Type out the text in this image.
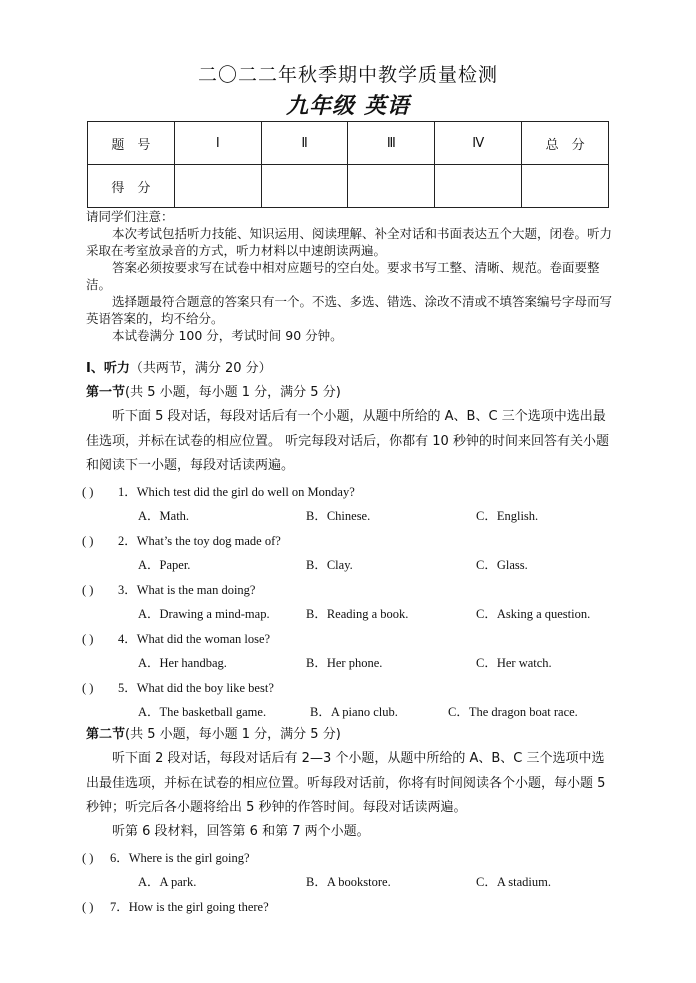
二〇二二年秋季期中教学质量检测
九年级 英语
题　号	Ⅰ	Ⅱ	Ⅲ	Ⅳ	总　分
得　分					

请同学们注意：

本次考试包括听力技能、知识运用、阅读理解、补全对话和书面表达五个大题，闭卷。听力采取在考室放录音的方式，听力材料以中速朗读两遍。

答案必须按要求写在试卷中相对应题号的空白处。要求书写工整、清晰、规范。卷面要整洁。

选择题最符合题意的答案只有一个。不选、多选、错选、涂改不清或不填答案编号字母而写英语答案的，均不给分。

本试卷满分 100 分，考试时间 90 分钟。

Ⅰ、听力（共两节，满分 20 分）
第一节(共 5 小题，每小题 1 分，满分 5 分)
听下面 5 段对话，每段对话后有一个小题，从题中所给的 A、B、C 三个选项中选出最佳选项，并标在试卷的相应位置。 听完每段对话后，你都有 10 秒钟的时间来回答有关小题和阅读下一小题，每段对话读两遍。
( ) 1．Which test did the girl do well on Monday?
A．Math.	B．Chinese.	C．English.
( ) 2．What’s the toy dog made of?
A．Paper.	B．Clay.	C．Glass.
( ) 3．What is the man doing?
A．Drawing a mind-map.	B．Reading a book.	C．Asking a question.
( ) 4．What did the woman lose?
A．Her handbag.	B．Her phone.	C．Her watch.
( ) 5．What did the boy like best?
A．The basketball game.	B．A piano club.	C．The dragon boat race.
第二节(共 5 小题，每小题 1 分，满分 5 分)
听下面 2 段对话，每段对话后有 2—3 个小题，从题中所给的 A、B、C 三个选项中选出最佳选项，并标在试卷的相应位置。听每段对话前，你将有时间阅读各个小题，每小题 5 秒钟；听完后各小题将给出 5 秒钟的作答时间。每段对话读两遍。
听第 6 段材料，回答第 6 和第 7 两个小题。
( ) 6．Where is the girl going?
A．A park.	B．A bookstore.	C．A stadium.
( ) 7．How is the girl going there?
